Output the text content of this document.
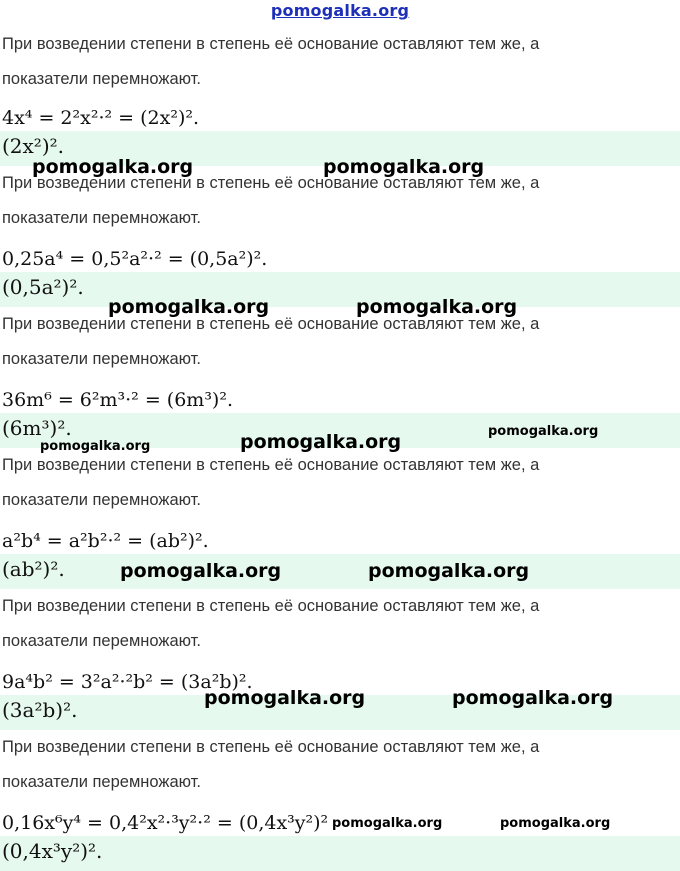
pomogalka.org
При возведении степени в степень её основание оставляют тем же, а
показатели перемножают.
4x⁴ = 2²x²·² = (2x²)².
(2x²)².
При возведении степени в степень её основание оставляют тем же, а
показатели перемножают.
0,25a⁴ = 0,5²a²·² = (0,5a²)².
(0,5a²)².
При возведении степени в степень её основание оставляют тем же, а
показатели перемножают.
36m⁶ = 6²m³·² = (6m³)².
(6m³)².
При возведении степени в степень её основание оставляют тем же, а
показатели перемножают.
a²b⁴ = a²b²·² = (ab²)².
(ab²)².
При возведении степени в степень её основание оставляют тем же, а
показатели перемножают.
9a⁴b² = 3²a²·²b² = (3a²b)².
(3a²b)².
При возведении степени в степень её основание оставляют тем же, а
показатели перемножают.
0,16x⁶y⁴ = 0,4²x²·³y²·² = (0,4x³y²)²
(0,4x³y²)².
pomogalka.org	pomogalka.org
pomogalka.org	pomogalka.org
pomogalka.org	pomogalka.org	pomogalka.org
pomogalka.org	pomogalka.org
pomogalka.org	pomogalka.org
pomogalka.org	pomogalka.org
